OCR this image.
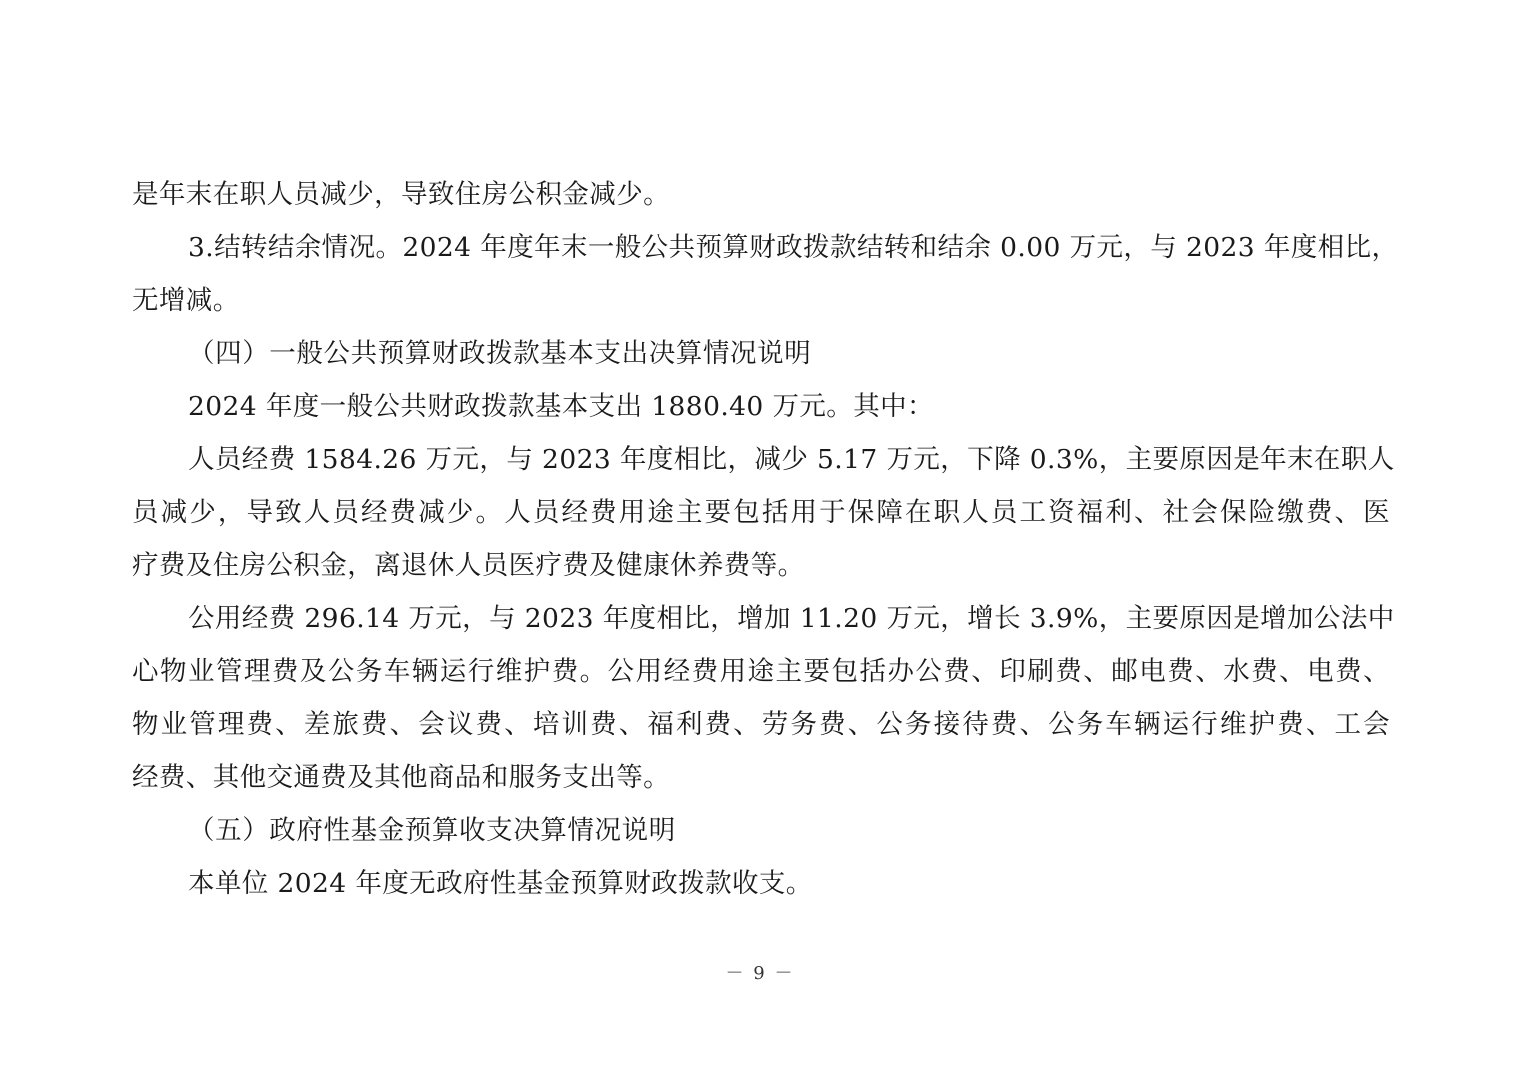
是年末在职人员减少，导致住房公积金减少。
3.结转结余情况。2024 年度年末一般公共预算财政拨款结转和结余 0.00 万元，与 2023 年度相比，
无增减。
（四）一般公共预算财政拨款基本支出决算情况说明
2024 年度一般公共财政拨款基本支出 1880.40 万元。其中：
人员经费 1584.26 万元，与 2023 年度相比，减少 5.17 万元，下降 0.3%，主要原因是年末在职人
员减少，导致人员经费减少。人员经费用途主要包括用于保障在职人员工资福利、社会保险缴费、医
疗费及住房公积金，离退休人员医疗费及健康休养费等。
公用经费 296.14 万元，与 2023 年度相比，增加 11.20 万元，增长 3.9%，主要原因是增加公法中
心物业管理费及公务车辆运行维护费。公用经费用途主要包括办公费、印刷费、邮电费、水费、电费、
物业管理费、差旅费、会议费、培训费、福利费、劳务费、公务接待费、公务车辆运行维护费、工会
经费、其他交通费及其他商品和服务支出等。
（五）政府性基金预算收支决算情况说明
本单位 2024 年度无政府性基金预算财政拨款收支。
－ 9 －
